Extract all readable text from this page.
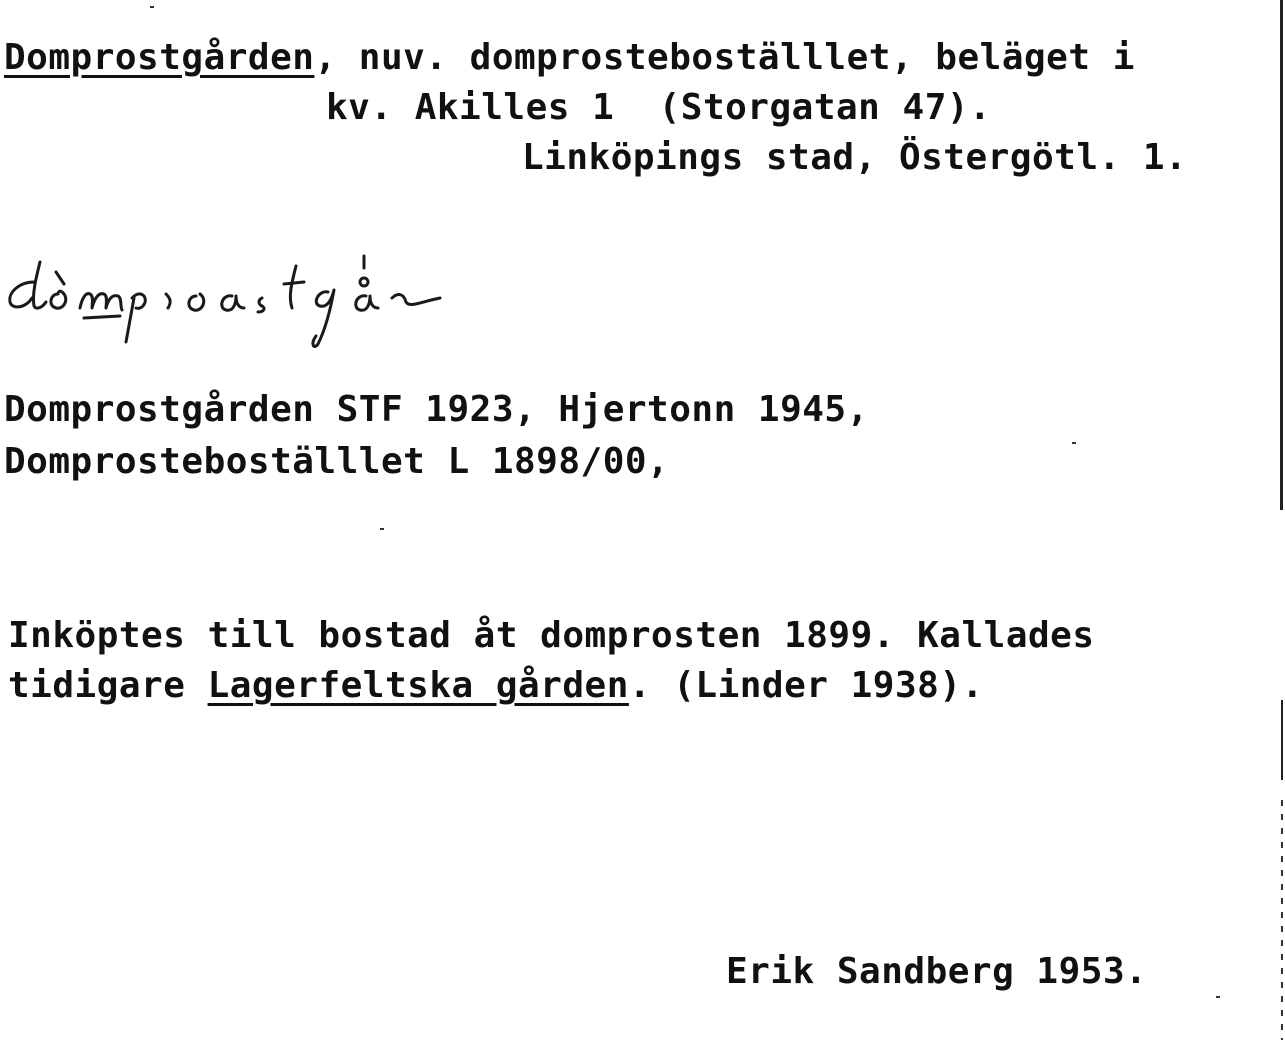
Domprostgården, nuv. domprosteboställlet, beläget i
kv. Akilles 1  (Storgatan 47).
Linköpings stad, Östergötl. 1.
Domprostgården STF 1923, Hjertonn 1945,
Domprosteboställlet L 1898/00,
Inköptes till bostad åt domprosten 1899. Kallades
tidigare Lagerfeltska gården. (Linder 1938).
Erik Sandberg 1953.
